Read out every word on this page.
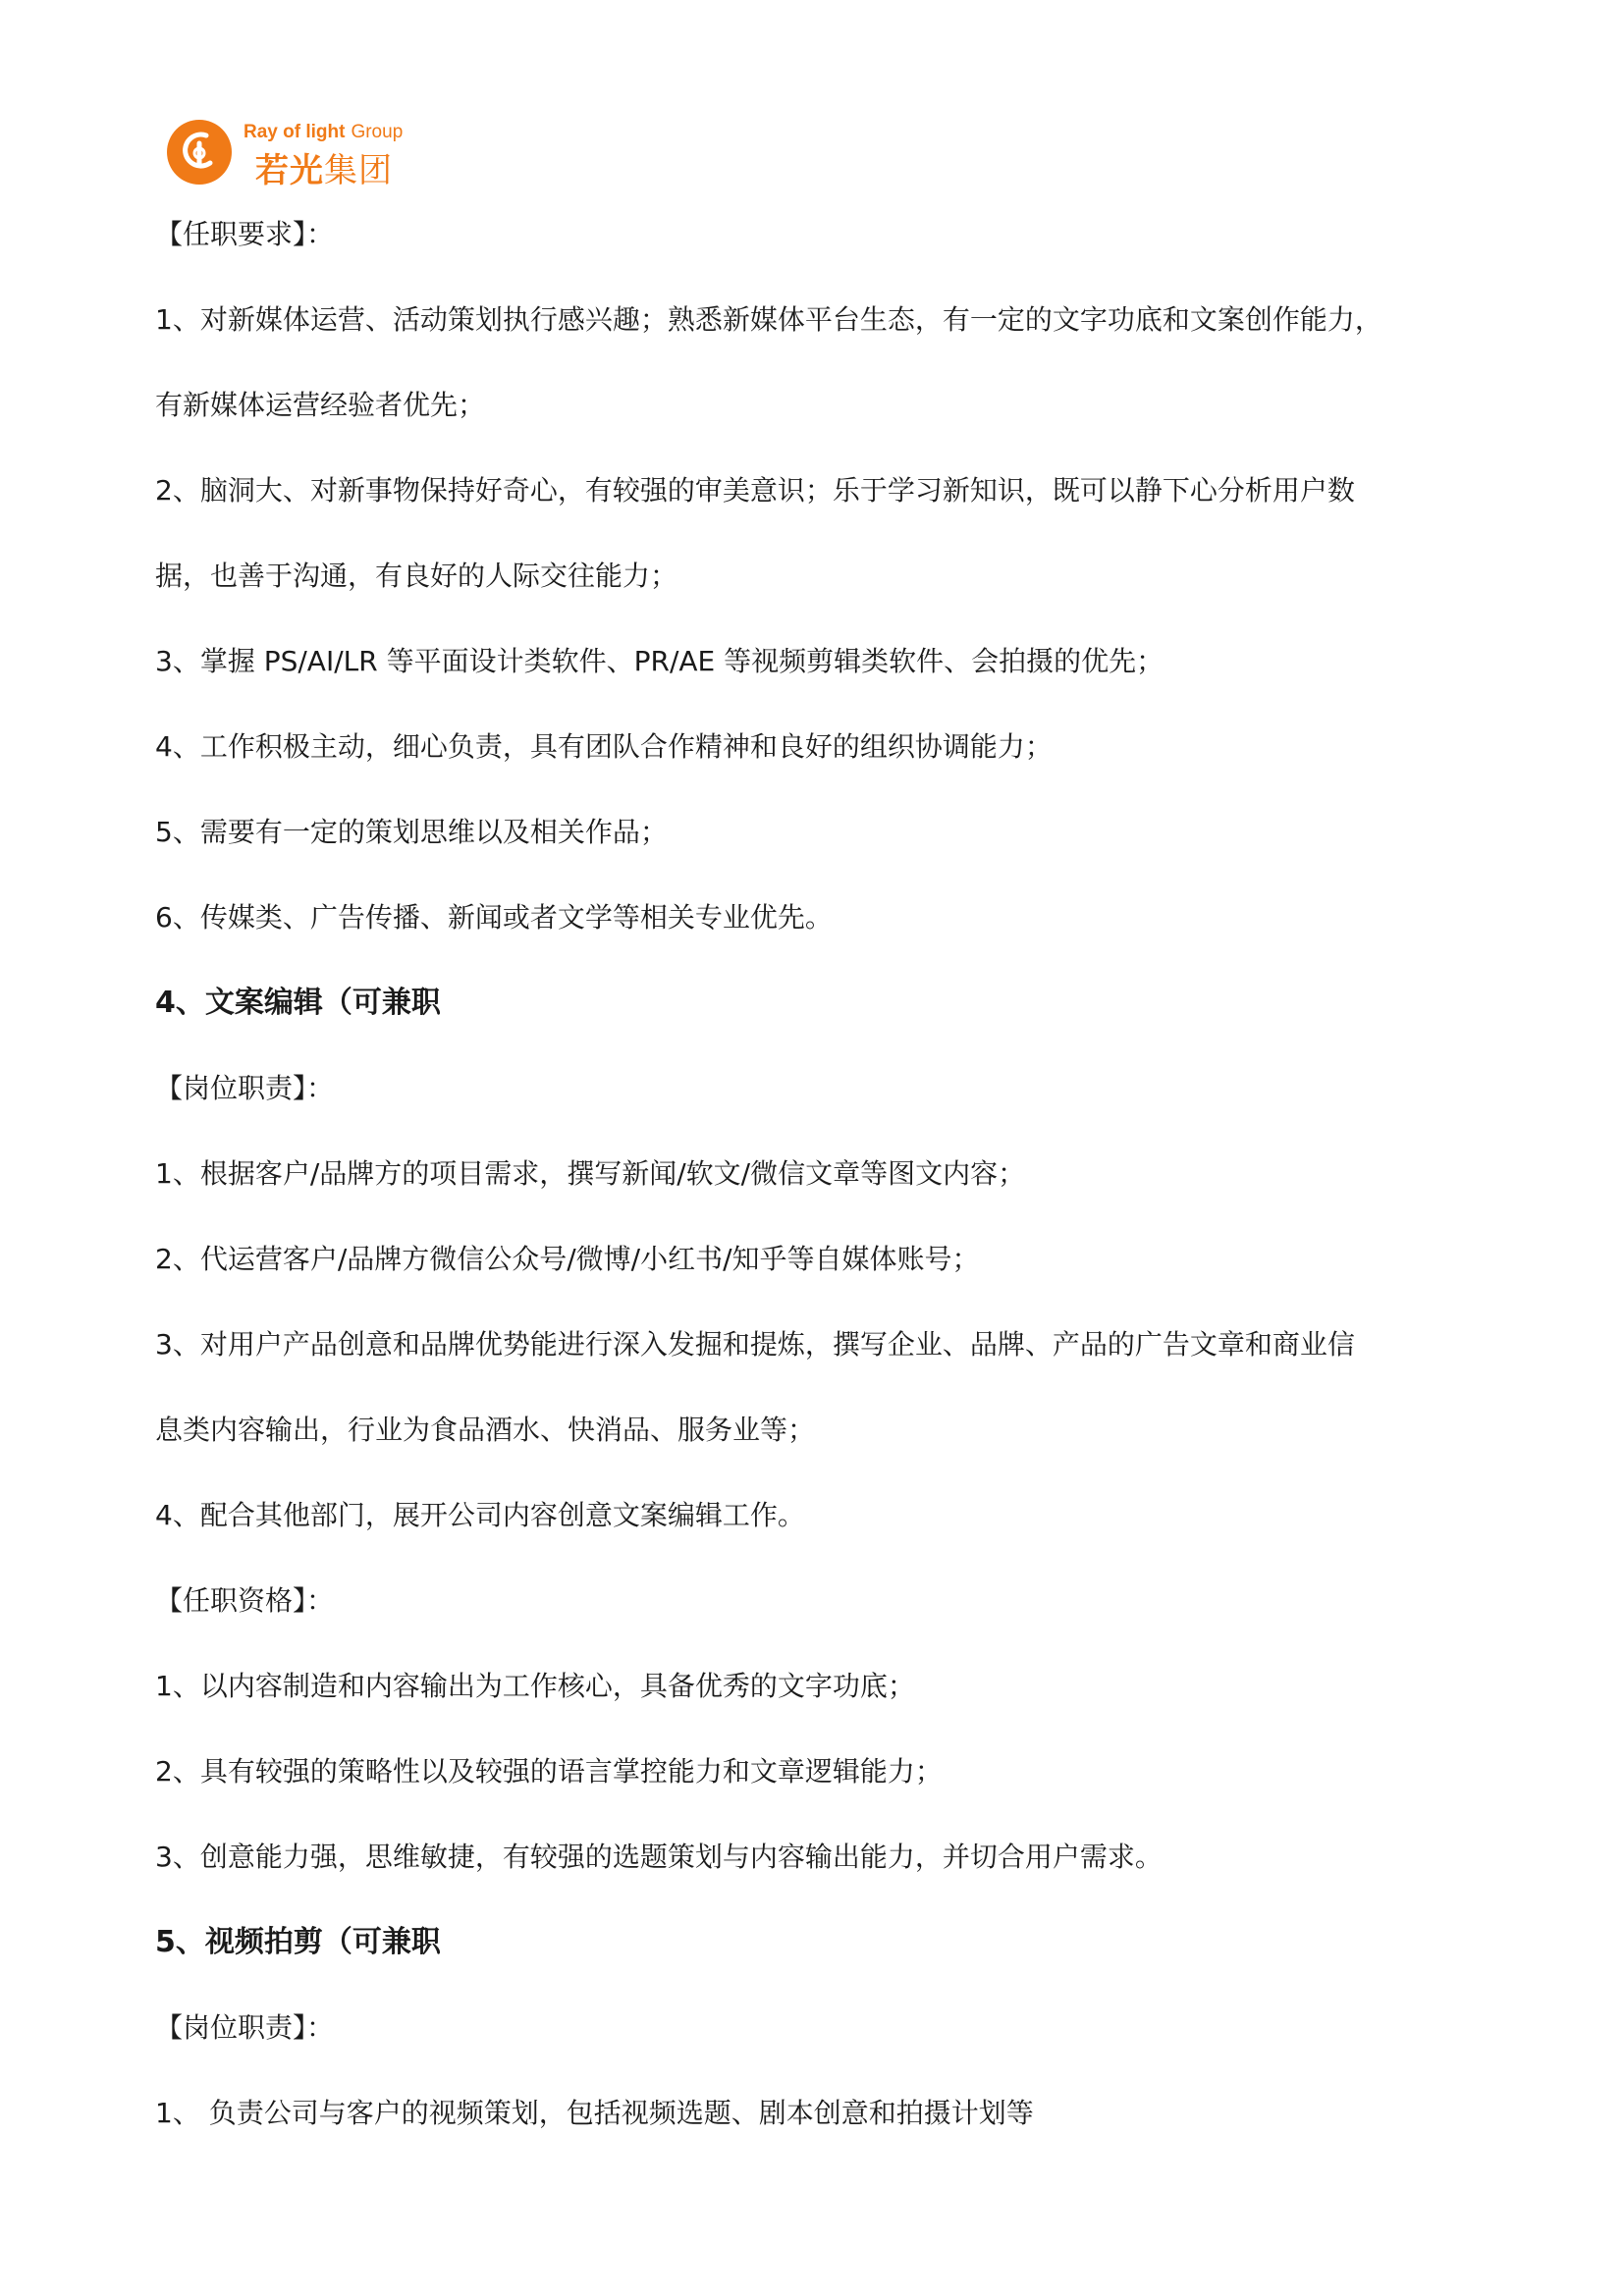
Ray of light Group
若光集团
【任职要求】：
1、对新媒体运营、活动策划执行感兴趣；熟悉新媒体平台生态，有一定的文字功底和文案创作能力，
有新媒体运营经验者优先；
2、脑洞大、对新事物保持好奇心，有较强的审美意识；乐于学习新知识，既可以静下心分析用户数
据，也善于沟通，有良好的人际交往能力；
3、掌握 PS/AI/LR 等平面设计类软件、PR/AE 等视频剪辑类软件、会拍摄的优先；
4、工作积极主动，细心负责，具有团队合作精神和良好的组织协调能力；
5、需要有一定的策划思维以及相关作品；
6、传媒类、广告传播、新闻或者文学等相关专业优先。
4、文案编辑（可兼职
【岗位职责】：
1、根据客户/品牌方的项目需求，撰写新闻/软文/微信文章等图文内容；
2、代运营客户/品牌方微信公众号/微博/小红书/知乎等自媒体账号；
3、对用户产品创意和品牌优势能进行深入发掘和提炼，撰写企业、品牌、产品的广告文章和商业信
息类内容输出，行业为食品酒水、快消品、服务业等；
4、配合其他部门，展开公司内容创意文案编辑工作。
【任职资格】：
1、以内容制造和内容输出为工作核心，具备优秀的文字功底；
2、具有较强的策略性以及较强的语言掌控能力和文章逻辑能力；
3、创意能力强，思维敏捷，有较强的选题策划与内容输出能力，并切合用户需求。
5、视频拍剪（可兼职
【岗位职责】：
1、 负责公司与客户的视频策划，包括视频选题、剧本创意和拍摄计划等
